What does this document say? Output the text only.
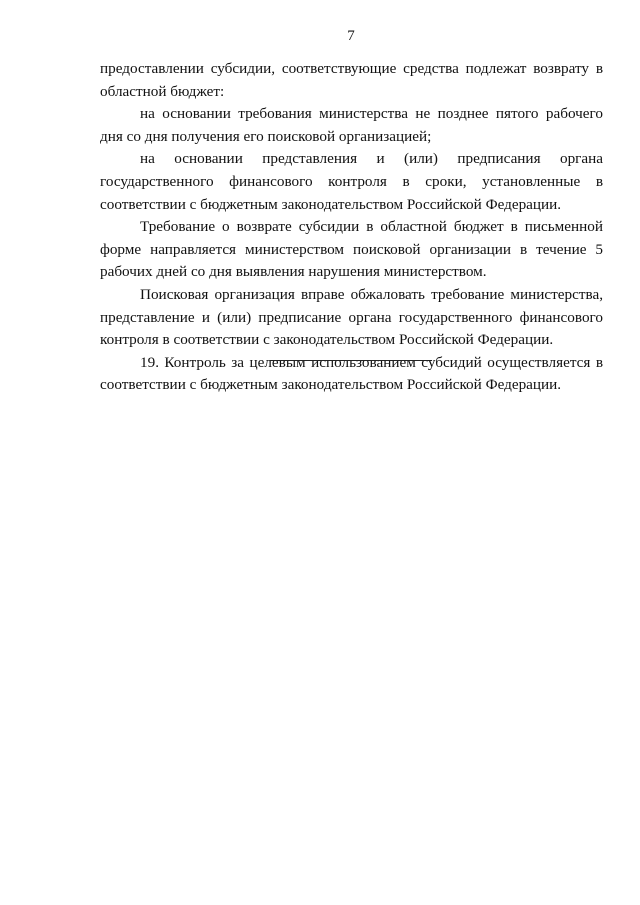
7

предоставлении субсидии, соответствующие средства подлежат возврату в областной бюджет:

на основании требования министерства не позднее пятого рабочего дня со дня получения его поисковой организацией;

на основании представления и (или) предписания органа государственного финансового контроля в сроки, установленные в соответствии с бюджетным законодательством Российской Федерации.

Требование о возврате субсидии в областной бюджет в письменной форме направляется министерством поисковой организации в течение 5 рабочих дней со дня выявления нарушения министерством.

Поисковая организация вправе обжаловать требование министерства, представление и (или) предписание органа государственного финансового контроля в соответствии с законодательством Российской Федерации.

19. Контроль за целевым использованием субсидий осуществляется в соответствии с бюджетным законодательством Российской Федерации.
